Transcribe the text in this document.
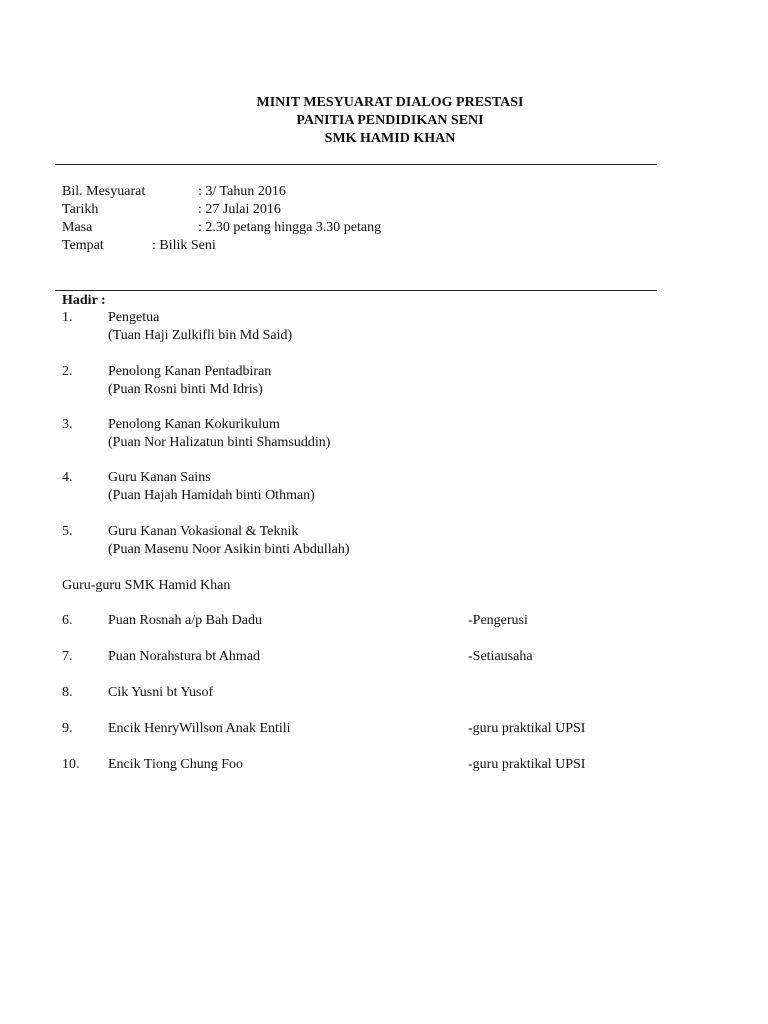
MINIT MESYUARAT DIALOG PRESTASI
PANITIA PENDIDIKAN SENI
SMK HAMID KHAN
Bil. Mesyuarat	: 3/ Tahun 2016
Tarikh	: 27 Julai 2016
Masa	: 2.30 petang hingga 3.30 petang
Tempat	: Bilik Seni
Hadir :
1.	Pengetua
(Tuan Haji Zulkifli bin Md Said)
2.	Penolong Kanan Pentadbiran
(Puan Rosni binti Md Idris)
3.	Penolong Kanan Kokurikulum
(Puan Nor Halizatun binti Shamsuddin)
4.	Guru Kanan Sains
(Puan Hajah Hamidah binti Othman)
5.	Guru Kanan Vokasional & Teknik
(Puan Masenu Noor Asikin binti Abdullah)
Guru-guru SMK Hamid Khan
6.	Puan Rosnah a/p Bah Dadu	-Pengerusi
7.	Puan Norahstura bt Ahmad	-Setiausaha
8.	Cik Yusni bt Yusof
9.	Encik HenryWillson Anak Entili	-guru praktikal UPSI
10. Encik Tiong Chung Foo	-guru praktikal UPSI
